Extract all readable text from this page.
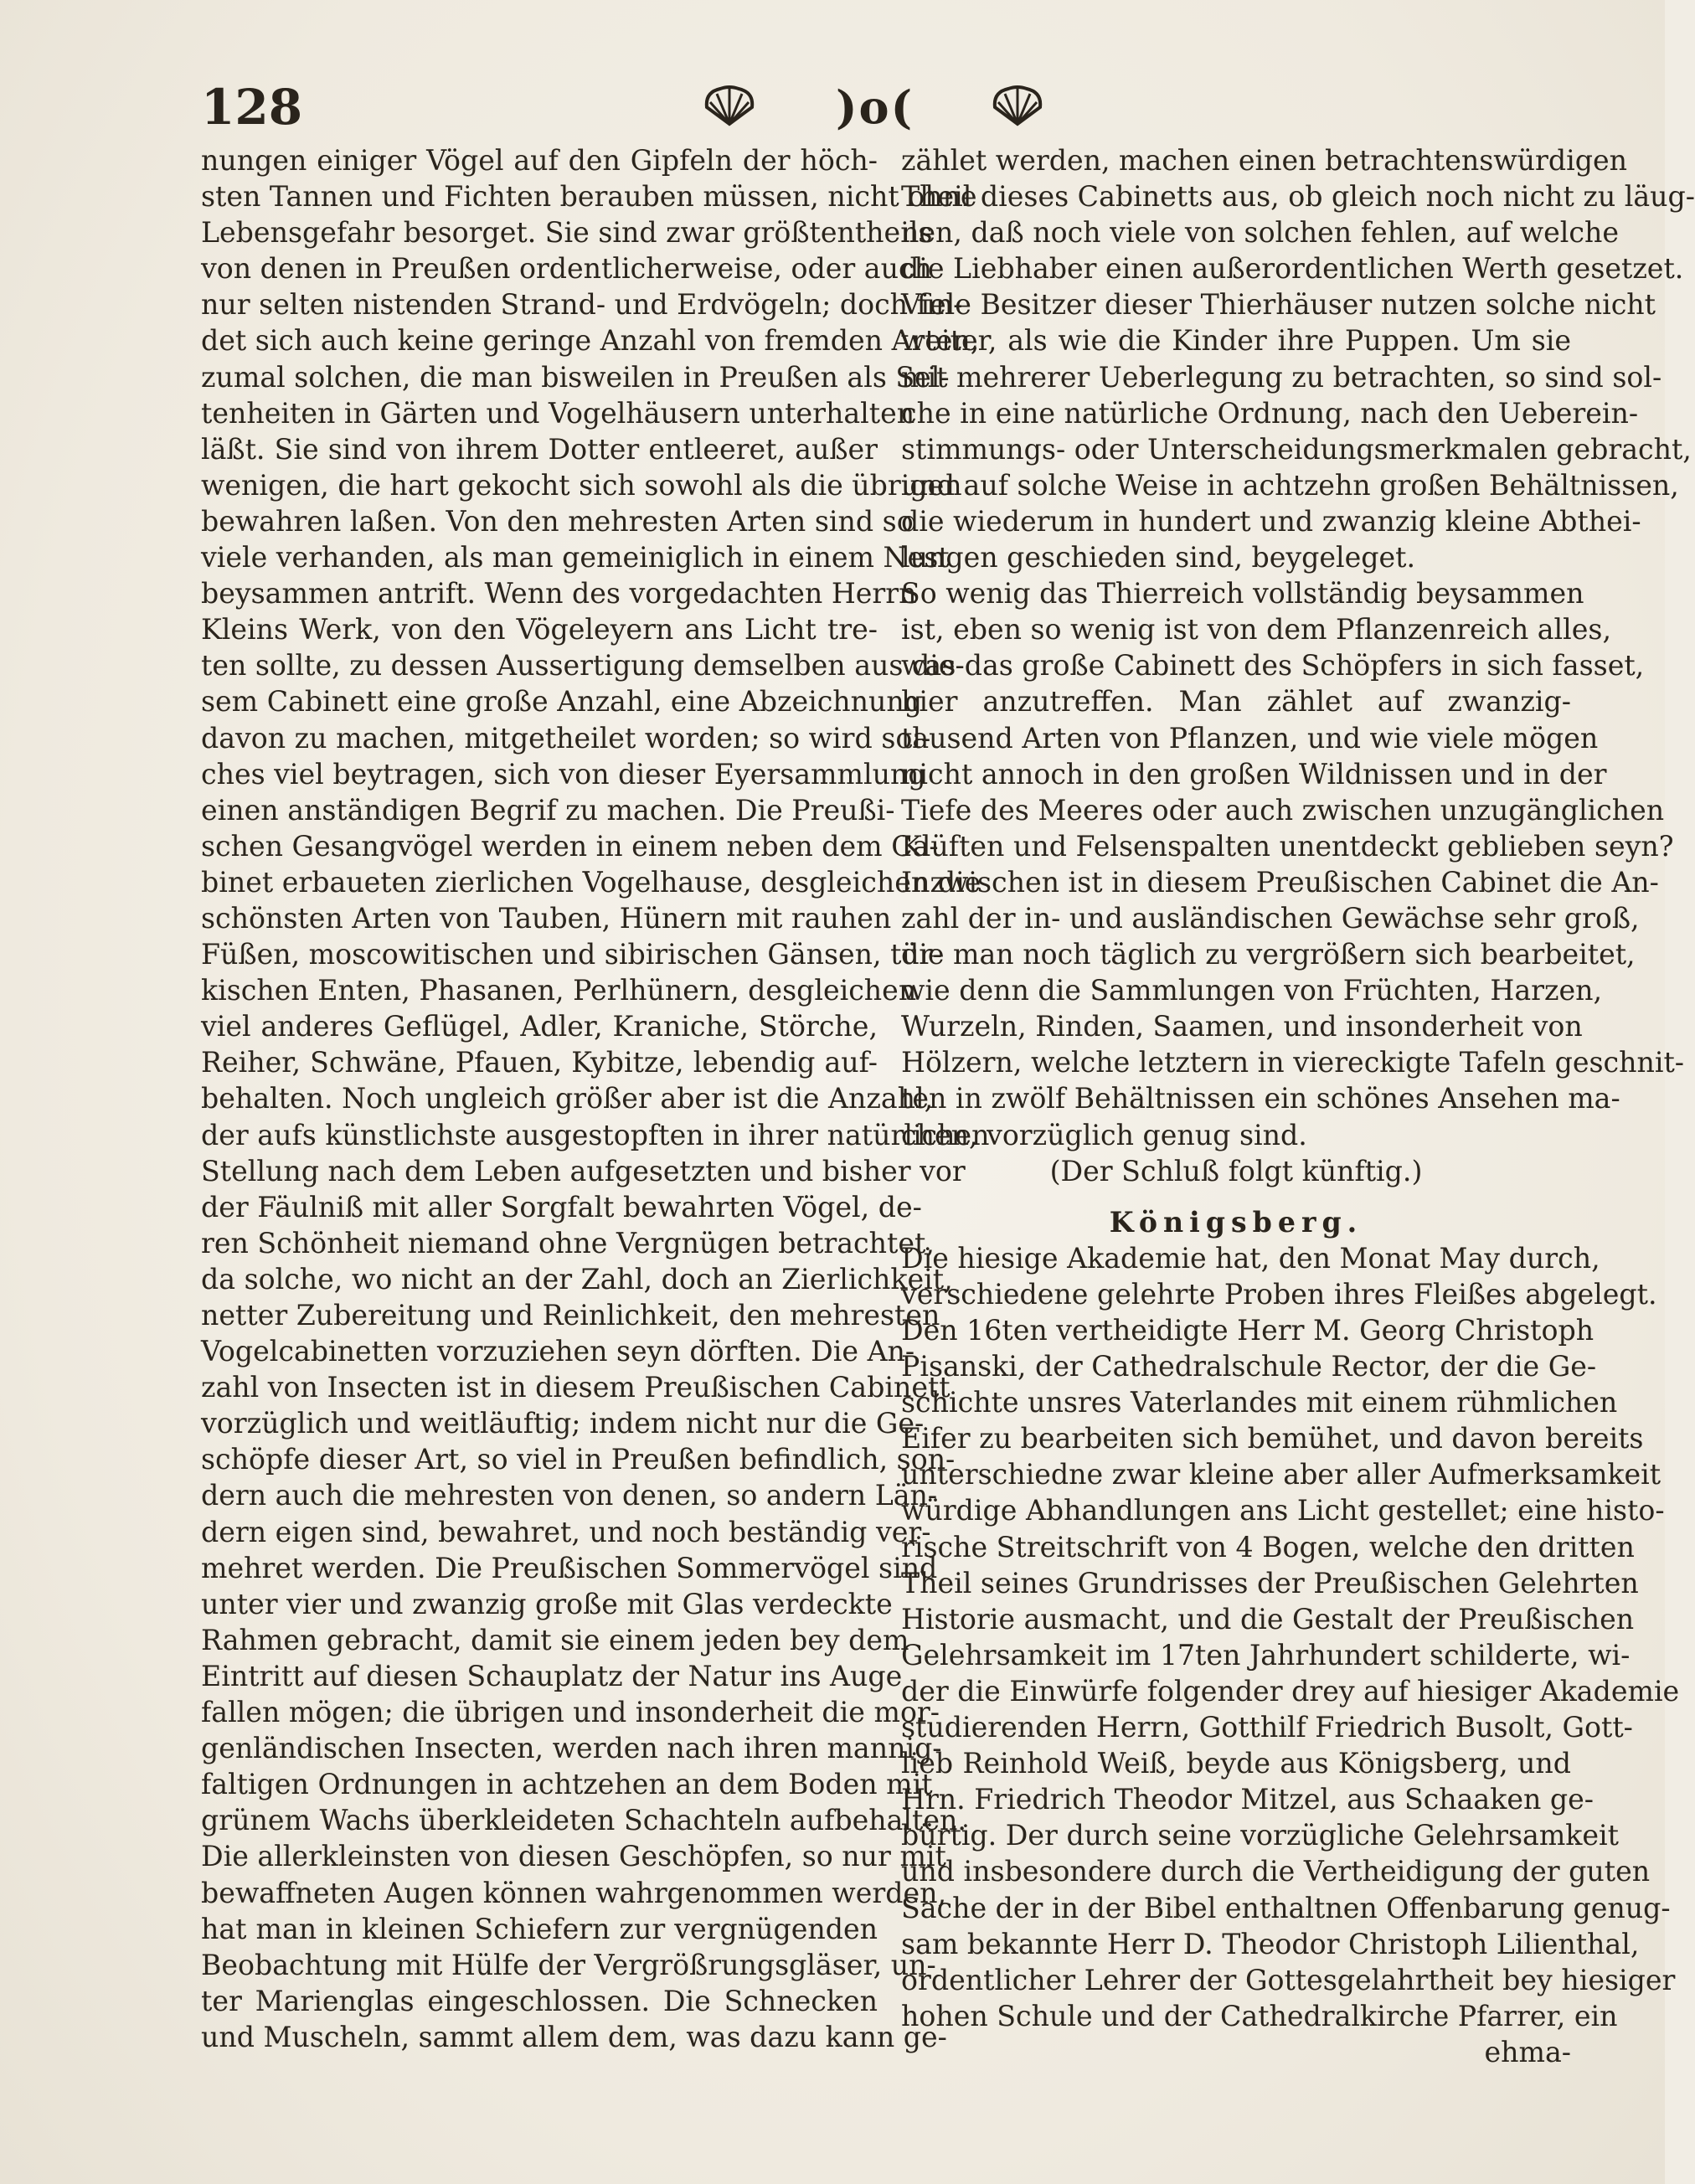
128	)o(
nungen einiger Vögel auf den Gipfeln der höch-
sten Tannen und Fichten berauben müssen, nicht ohne
Lebensgefahr besorget. Sie sind zwar größtentheils
von denen in Preußen ordentlicherweise, oder auch
nur selten nistenden Strand- und Erdvögeln; doch fin-
det sich auch keine geringe Anzahl von fremden Arten,
zumal solchen, die man bisweilen in Preußen als Sel-
tenheiten in Gärten und Vogelhäusern unterhalten
läßt. Sie sind von ihrem Dotter entleeret, außer
wenigen, die hart gekocht sich sowohl als die übrigen
bewahren laßen. Von den mehresten Arten sind so
viele verhanden, als man gemeiniglich in einem Nest
beysammen antrift. Wenn des vorgedachten Herrn
Kleins Werk, von den Vögeleyern ans Licht tre-
ten sollte, zu dessen Aussertigung demselben aus die-
sem Cabinett eine große Anzahl, eine Abzeichnung
davon zu machen, mitgetheilet worden; so wird sol-
ches viel beytragen, sich von dieser Eyersammlung
einen anständigen Begrif zu machen. Die Preußi-
schen Gesangvögel werden in einem neben dem Ca-
binet erbaueten zierlichen Vogelhause, desgleichen die
schönsten Arten von Tauben, Hünern mit rauhen
Füßen, moscowitischen und sibirischen Gänsen, tür-
kischen Enten, Phasanen, Perlhünern, desgleichen
viel anderes Geflügel, Adler, Kraniche, Störche,
Reiher, Schwäne, Pfauen, Kybitze, lebendig auf-
behalten. Noch ungleich größer aber ist die Anzahl,
der aufs künstlichste ausgestopften in ihrer natürlichen
Stellung nach dem Leben aufgesetzten und bisher vor
der Fäulniß mit aller Sorgfalt bewahrten Vögel, de-
ren Schönheit niemand ohne Vergnügen betrachtet,
da solche, wo nicht an der Zahl, doch an Zierlichkeit,
netter Zubereitung und Reinlichkeit, den mehresten
Vogelcabinetten vorzuziehen seyn dörften. Die An-
zahl von Insecten ist in diesem Preußischen Cabinett
vorzüglich und weitläuftig; indem nicht nur die Ge-
schöpfe dieser Art, so viel in Preußen befindlich, son-
dern auch die mehresten von denen, so andern Län-
dern eigen sind, bewahret, und noch beständig ver-
mehret werden. Die Preußischen Sommervögel sind
unter vier und zwanzig große mit Glas verdeckte
Rahmen gebracht, damit sie einem jeden bey dem
Eintritt auf diesen Schauplatz der Natur ins Auge
fallen mögen; die übrigen und insonderheit die mor-
genländischen Insecten, werden nach ihren mannig-
faltigen Ordnungen in achtzehen an dem Boden mit
grünem Wachs überkleideten Schachteln aufbehalten.
Die allerkleinsten von diesen Geschöpfen, so nur mit
bewaffneten Augen können wahrgenommen werden,
hat man in kleinen Schiefern zur vergnügenden
Beobachtung mit Hülfe der Vergrößrungsgläser, un-
ter Marienglas eingeschlossen. Die Schnecken
und Muscheln, sammt allem dem, was dazu kann ge-
zählet werden, machen einen betrachtenswürdigen
Theil dieses Cabinetts aus, ob gleich noch nicht zu läug-
nen, daß noch viele von solchen fehlen, auf welche
die Liebhaber einen außerordentlichen Werth gesetzet.
Viele Besitzer dieser Thierhäuser nutzen solche nicht
weiter, als wie die Kinder ihre Puppen. Um sie
mit mehrerer Ueberlegung zu betrachten, so sind sol-
che in eine natürliche Ordnung, nach den Ueberein-
stimmungs- oder Unterscheidungsmerkmalen gebracht,
und auf solche Weise in achtzehn großen Behältnissen,
die wiederum in hundert und zwanzig kleine Abthei-
lungen geschieden sind, beygeleget.
So wenig das Thierreich vollständig beysammen
ist, eben so wenig ist von dem Pflanzenreich alles,
was das große Cabinett des Schöpfers in sich fasset,
hier anzutreffen. Man zählet auf zwanzig-
tausend Arten von Pflanzen, und wie viele mögen
nicht annoch in den großen Wildnissen und in der
Tiefe des Meeres oder auch zwischen unzugänglichen
Klüften und Felsenspalten unentdeckt geblieben seyn?
Inzwischen ist in diesem Preußischen Cabinet die An-
zahl der in- und ausländischen Gewächse sehr groß,
die man noch täglich zu vergrößern sich bearbeitet,
wie denn die Sammlungen von Früchten, Harzen,
Wurzeln, Rinden, Saamen, und insonderheit von
Hölzern, welche letztern in viereckigte Tafeln geschnit-
ten in zwölf Behältnissen ein schönes Ansehen ma-
chen, vorzüglich genug sind.
(Der Schluß folgt künftig.)
Königsberg.
Die hiesige Akademie hat, den Monat May durch,
verschiedene gelehrte Proben ihres Fleißes abgelegt.
Den 16ten vertheidigte Herr M. Georg Christoph
Pisanski, der Cathedralschule Rector, der die Ge-
schichte unsres Vaterlandes mit einem rühmlichen
Eifer zu bearbeiten sich bemühet, und davon bereits
unterschiedne zwar kleine aber aller Aufmerksamkeit
würdige Abhandlungen ans Licht gestellet; eine histo-
rische Streitschrift von 4 Bogen, welche den dritten
Theil seines Grundrisses der Preußischen Gelehrten
Historie ausmacht, und die Gestalt der Preußischen
Gelehrsamkeit im 17ten Jahrhundert schilderte, wi-
der die Einwürfe folgender drey auf hiesiger Akademie
studierenden Herrn, Gotthilf Friedrich Busolt, Gott-
lieb Reinhold Weiß, beyde aus Königsberg, und
Hrn. Friedrich Theodor Mitzel, aus Schaaken ge-
bürtig. Der durch seine vorzügliche Gelehrsamkeit
und insbesondere durch die Vertheidigung der guten
Sache der in der Bibel enthaltnen Offenbarung genug-
sam bekannte Herr D. Theodor Christoph Lilienthal,
ordentlicher Lehrer der Gottesgelahrtheit bey hiesiger
hohen Schule und der Cathedralkirche Pfarrer, ein
ehma-
